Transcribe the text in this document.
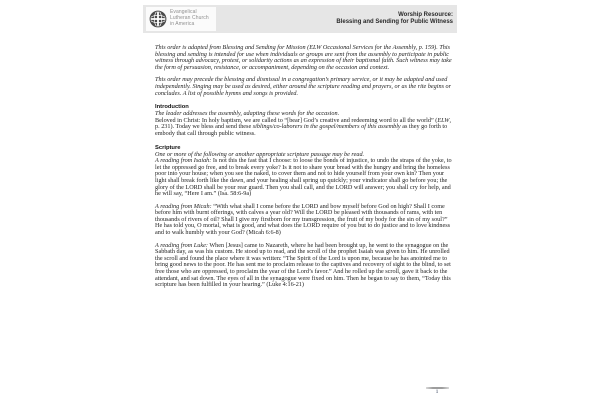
Evangelical
Lutheran Church
in America
Worship Resource:
Blessing and Sending for Public Witness

This order is adapted from Blessing and Sending for Mission (ELW Occasional Services for the Assembly, p. 159). This blessing and sending is intended for use when individuals or groups are sent from the assembly to participate in public witness through advocacy, protest, or solidarity actions as an expression of their baptismal faith. Such witness may take the form of persuasion, resistance, or accompaniment, depending on the occasion and context.

This order may precede the blessing and dismissal in a congregation’s primary service, or it may be adapted and used independently. Singing may be used as desired, either around the scripture reading and prayers, or as the rite begins or concludes. A list of possible hymns and songs is provided.

Introduction

The leader addresses the assembly, adapting these words for the occasion.

Beloved in Christ: In holy baptism, we are called to “[bear] God’s creative and redeeming word to all the world” (ELW, p. 231). Today we bless and send these siblings/co-laborers in the gospel/members of this assembly as they go forth to embody that call through public witness.

Scripture

One or more of the following or another appropriate scripture passage may be read.

A reading from Isaiah: Is not this the fast that I choose: to loose the bonds of injustice, to undo the straps of the yoke, to let the oppressed go free, and to break every yoke? Is it not to share your bread with the hungry and bring the homeless poor into your house; when you see the naked, to cover them and not to hide yourself from your own kin? Then your light shall break forth like the dawn, and your healing shall spring up quickly; your vindicator shall go before you; the glory of the LORD shall be your rear guard. Then you shall call, and the LORD will answer; you shall cry for help, and he will say, “Here I am.” (Isa. 58:6-9a)

A reading from Micah: “With what shall I come before the LORD and bow myself before God on high? Shall I come before him with burnt offerings, with calves a year old? Will the LORD be pleased with thousands of rams, with ten thousands of rivers of oil? Shall I give my firstborn for my transgression, the fruit of my body for the sin of my soul?” He has told you, O mortal, what is good, and what does the LORD require of you but to do justice and to love kindness and to walk humbly with your God? (Micah 6:6-8)

A reading from Luke: When [Jesus] came to Nazareth, where he had been brought up, he went to the synagogue on the Sabbath day, as was his custom. He stood up to read, and the scroll of the prophet Isaiah was given to him. He unrolled the scroll and found the place where it was written: “The Spirit of the Lord is upon me, because he has anointed me to bring good news to the poor. He has sent me to proclaim release to the captives and recovery of sight to the blind, to set free those who are oppressed, to proclaim the year of the Lord’s favor.” And he rolled up the scroll, gave it back to the attendant, and sat down. The eyes of all in the synagogue were fixed on him. Then he began to say to them, “Today this scripture has been fulfilled in your hearing.” (Luke 4:16-21)

1
